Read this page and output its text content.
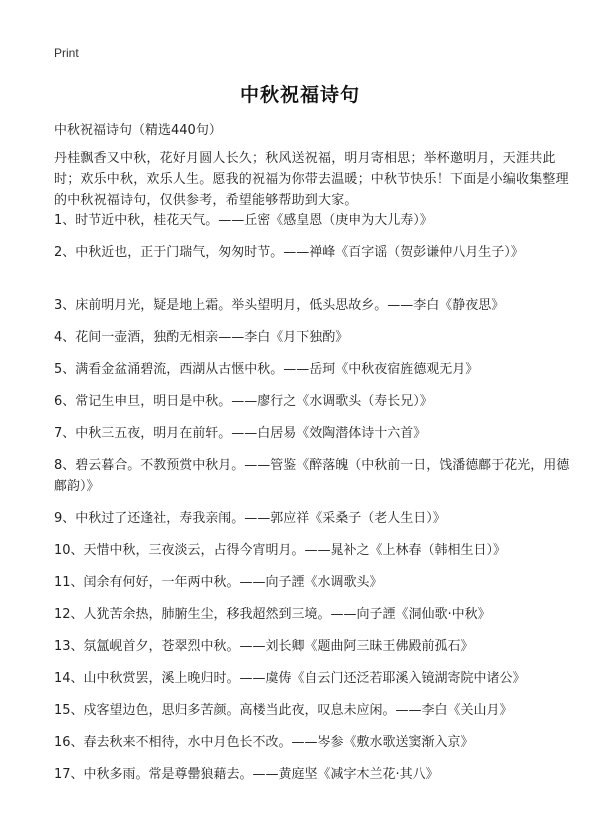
Print
中秋祝福诗句
中秋祝福诗句（精选440句）
丹桂飘香又中秋，花好月圆人长久；秋风送祝福，明月寄相思；举杯邀明月，天涯共此时；欢乐中秋，欢乐人生。愿我的祝福为你带去温暖；中秋节快乐！下面是小编收集整理的中秋祝福诗句，仅供参考，希望能够帮助到大家。
1、时节近中秋，桂花天气。——丘密《感皇恩（庚申为大儿寿）》
2、中秋近也，正于门瑞气，匆匆时节。——禅峰《百字谣（贺彭谦仲八月生子）》
3、床前明月光，疑是地上霜。举头望明月，低头思故乡。——李白《静夜思》
4、花间一壶酒，独酌无相亲——李白《月下独酌》
5、满看金盆涌碧流，西湖从古惬中秋。——岳珂《中秋夜宿旌德观无月》
6、常记生申旦，明日是中秋。——廖行之《水调歌头（寿长兄）》
7、中秋三五夜，明月在前轩。——白居易《效陶潜体诗十六首》
8、碧云暮合。不教预赏中秋月。——管鉴《醉落魄（中秋前一日，饯潘德鄜于花光，用德鄜韵）》
9、中秋过了还逢社，寿我亲闱。——郭应祥《采桑子（老人生日）》
10、天惜中秋，三夜淡云，占得今宵明月。——晁补之《上林春（韩相生日）》
11、闰余有何好，一年两中秋。——向子諲《水调歌头》
12、人犹苦余热，肺腑生尘，移我超然到三境。——向子諲《洞仙歌·中秋》
13、氛氲岘首夕，苍翠烈中秋。——刘长卿《题曲阿三昧王佛殿前孤石》
14、山中秋赏罢，溪上晚归时。——虞俦《自云门还泛若耶溪入镜湖寄院中诸公》
15、戍客望边色，思归多苦颜。高楼当此夜，叹息未应闲。——李白《关山月》
16、春去秋来不相待，水中月色长不改。——岑参《敷水歌送窦渐入京》
17、中秋多雨。常是尊罍狼藉去。——黄庭坚《减字木兰花·其八》
